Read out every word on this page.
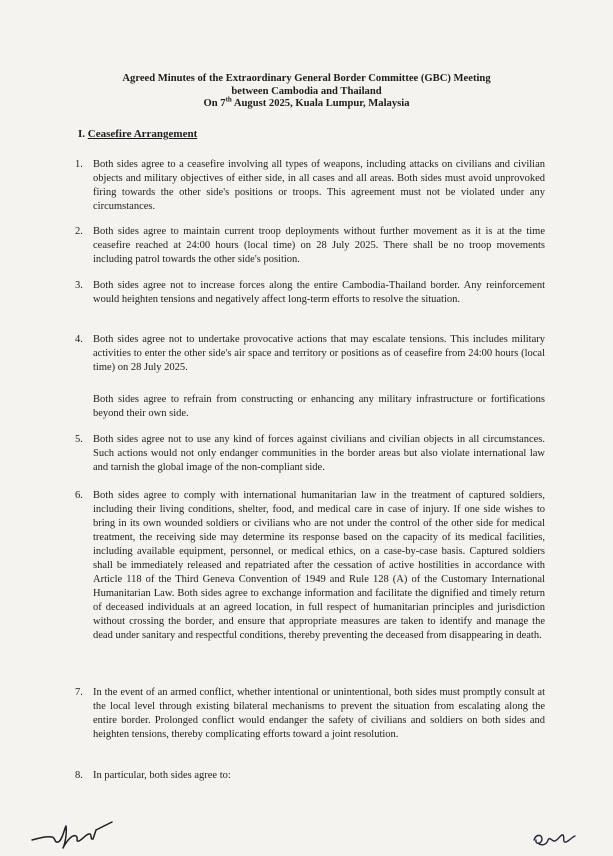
Agreed Minutes of the Extraordinary General Border Committee (GBC) Meeting
between Cambodia and Thailand
On 7th August 2025, Kuala Lumpur, Malaysia
I. Ceasefire Arrangement
1. Both sides agree to a ceasefire involving all types of weapons, including attacks on civilians and civilian objects and military objectives of either side, in all cases and all areas. Both sides must avoid unprovoked firing towards the other side's positions or troops. This agreement must not be violated under any circumstances.
2. Both sides agree to maintain current troop deployments without further movement as it is at the time ceasefire reached at 24:00 hours (local time) on 28 July 2025. There shall be no troop movements including patrol towards the other side's position.
3. Both sides agree not to increase forces along the entire Cambodia-Thailand border. Any reinforcement would heighten tensions and negatively affect long-term efforts to resolve the situation.
4. Both sides agree not to undertake provocative actions that may escalate tensions. This includes military activities to enter the other side's air space and territory or positions as of ceasefire from 24:00 hours (local time) on 28 July 2025.
Both sides agree to refrain from constructing or enhancing any military infrastructure or fortifications beyond their own side.
5. Both sides agree not to use any kind of forces against civilians and civilian objects in all circumstances. Such actions would not only endanger communities in the border areas but also violate international law and tarnish the global image of the non-compliant side.
6. Both sides agree to comply with international humanitarian law in the treatment of captured soldiers, including their living conditions, shelter, food, and medical care in case of injury. If one side wishes to bring in its own wounded soldiers or civilians who are not under the control of the other side for medical treatment, the receiving side may determine its response based on the capacity of its medical facilities, including available equipment, personnel, or medical ethics, on a case-by-case basis. Captured soldiers shall be immediately released and repatriated after the cessation of active hostilities in accordance with Article 118 of the Third Geneva Convention of 1949 and Rule 128 (A) of the Customary International Humanitarian Law. Both sides agree to exchange information and facilitate the dignified and timely return of deceased individuals at an agreed location, in full respect of humanitarian principles and jurisdiction without crossing the border, and ensure that appropriate measures are taken to identify and manage the dead under sanitary and respectful conditions, thereby preventing the deceased from disappearing in death.
7. In the event of an armed conflict, whether intentional or unintentional, both sides must promptly consult at the local level through existing bilateral mechanisms to prevent the situation from escalating along the entire border. Prolonged conflict would endanger the safety of civilians and soldiers on both sides and heighten tensions, thereby complicating efforts toward a joint resolution.
8. In particular, both sides agree to:
